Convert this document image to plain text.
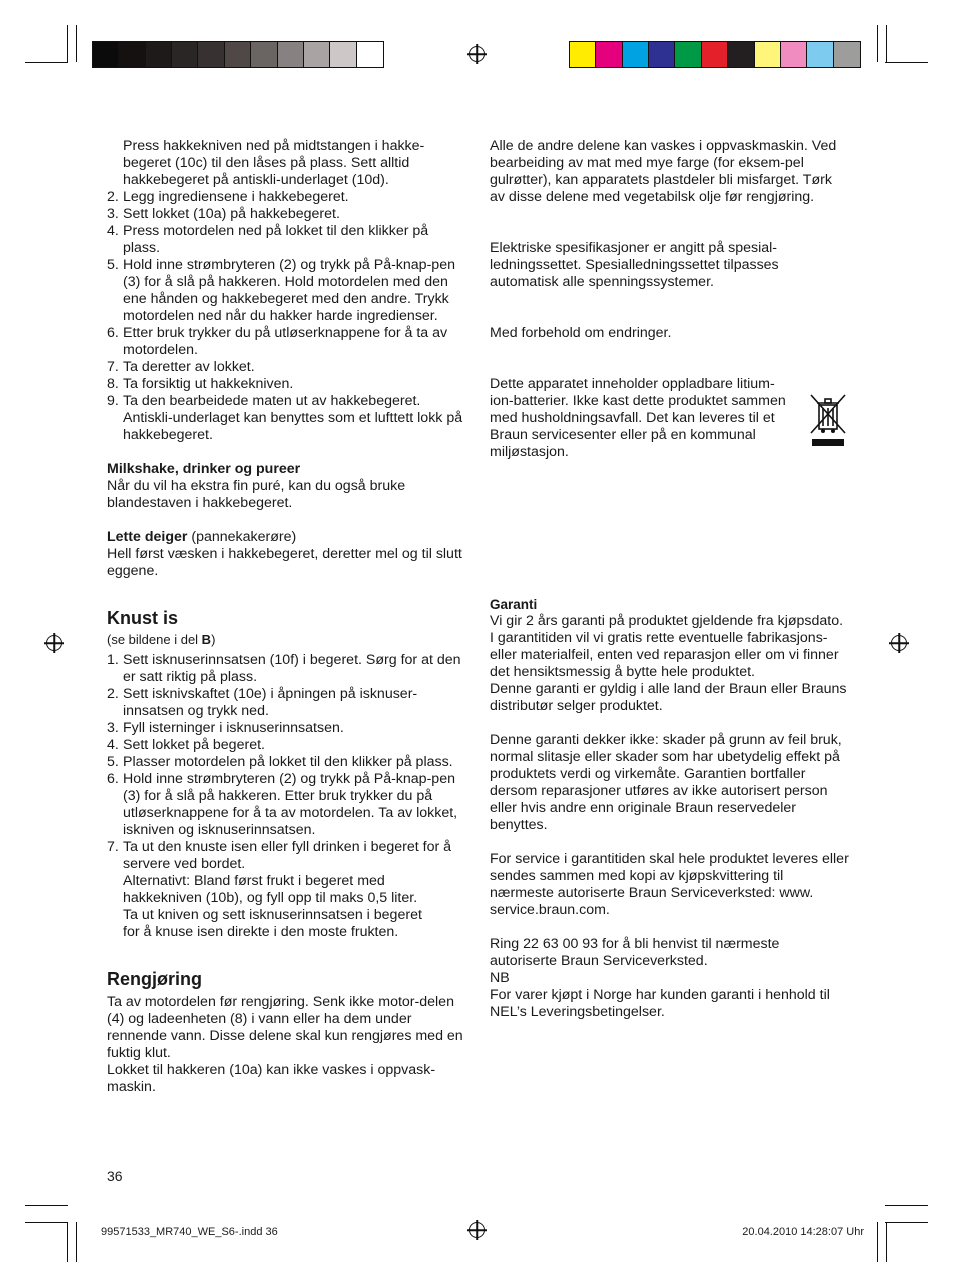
Press hakkekniven ned på midtstangen i hakke-
begeret (10c) til den låses på plass. Sett alltid
hakkebegeret på antiskli-underlaget (10d).
2. Legg ingrediensene i hakkebegeret.
3. Sett lokket (10a) på hakkebegeret.
4. Press motordelen ned på lokket til den klikker på plass.
5. Hold inne strømbryteren (2) og trykk på På-knap-pen (3) for å slå på hakkeren. Hold motordelen med den ene hånden og hakkebegeret med den andre. Trykk motordelen ned når du hakker harde ingredienser.
6. Etter bruk trykker du på utløserknappene for å ta av motordelen.
7. Ta deretter av lokket.
8. Ta forsiktig ut hakkekniven.
9. Ta den bearbeidede maten ut av hakkebegeret. Antiskli-underlaget kan benyttes som et lufttett lokk på hakkebegeret.

Milkshake, drinker og pureer

Når du vil ha ekstra fin puré, kan du også bruke blandestaven i hakkebegeret.

Lette deiger (pannekakerøre)

Hell først væsken i hakkebegeret, deretter mel og til slutt eggene.

Knust is

(se bildene i del B)

1. Sett isknuserinnsatsen (10f) i begeret. Sørg for at den er satt riktig på plass.
2. Sett isknivskaftet (10e) i åpningen på isknuser-innsatsen og trykk ned.
3. Fyll isterninger i isknuserinnsatsen.
4. Sett lokket på begeret.
5. Plasser motordelen på lokket til den klikker på plass.
6. Hold inne strømbryteren (2) og trykk på På-knap-pen (3) for å slå på hakkeren. Etter bruk trykker du på utløserknappene for å ta av motordelen. Ta av lokket, iskniven og isknuserinnsatsen.
7. Ta ut den knuste isen eller fyll drinken i begeret for å servere ved bordet.
Alternativt: Bland først frukt i begeret med
hakkekniven (10b), og fyll opp til maks 0,5 liter.
Ta ut kniven og sett isknuserinnsatsen i begeret
for å knuse isen direkte i den moste frukten.
Rengjøring

Ta av motordelen før rengjøring. Senk ikke motor-delen (4) og ladeenheten (8) i vann eller ha dem under rennende vann. Disse delene skal kun rengjøres med en fuktig klut.

Lokket til hakkeren (10a) kan ikke vaskes i oppvask-maskin.

Alle de andre delene kan vaskes i oppvaskmaskin. Ved bearbeiding av mat med mye farge (for eksem-pel gulrøtter), kan apparatets plastdeler bli misfarget. Tørk av disse delene med vegetabilsk olje før rengjøring.

Elektriske spesifikasjoner er angitt på spesial-ledningssettet. Spesialledningssettet tilpasses automatisk alle spenningssystemer.

Med forbehold om endringer.

Dette apparatet inneholder oppladbare litium-ion-batterier. Ikke kast dette produktet sammen med husholdningsavfall. Det kan leveres til et Braun servicesenter eller på en kommunal miljøstasjon.

Garanti

Vi gir 2 års garanti på produktet gjeldende fra kjøpsdato.

I garantitiden vil vi gratis rette eventuelle fabrikasjons- eller materialfeil, enten ved reparasjon eller om vi finner det hensiktsmessig å bytte hele produktet.

Denne garanti er gyldig i alle land der Braun eller Brauns distributør selger produktet.

Denne garanti dekker ikke: skader på grunn av feil bruk, normal slitasje eller skader som har ubetydelig effekt på produktets verdi og virkemåte. Garantien bortfaller dersom reparasjoner utføres av ikke autorisert person eller hvis andre enn originale Braun reservedeler benyttes.

For service i garantitiden skal hele produktet leveres eller sendes sammen med kopi av kjøpskvittering til nærmeste autoriserte Braun Serviceverksted: www. service.braun.com.

Ring 22 63 00 93 for å bli henvist til nærmeste autoriserte Braun Serviceverksted.

NB

For varer kjøpt i Norge har kunden garanti i henhold til NEL’s Leveringsbetingelser.

36
99571533_MR740_WE_S6-.indd 36	20.04.2010 14:28:07 Uhr
